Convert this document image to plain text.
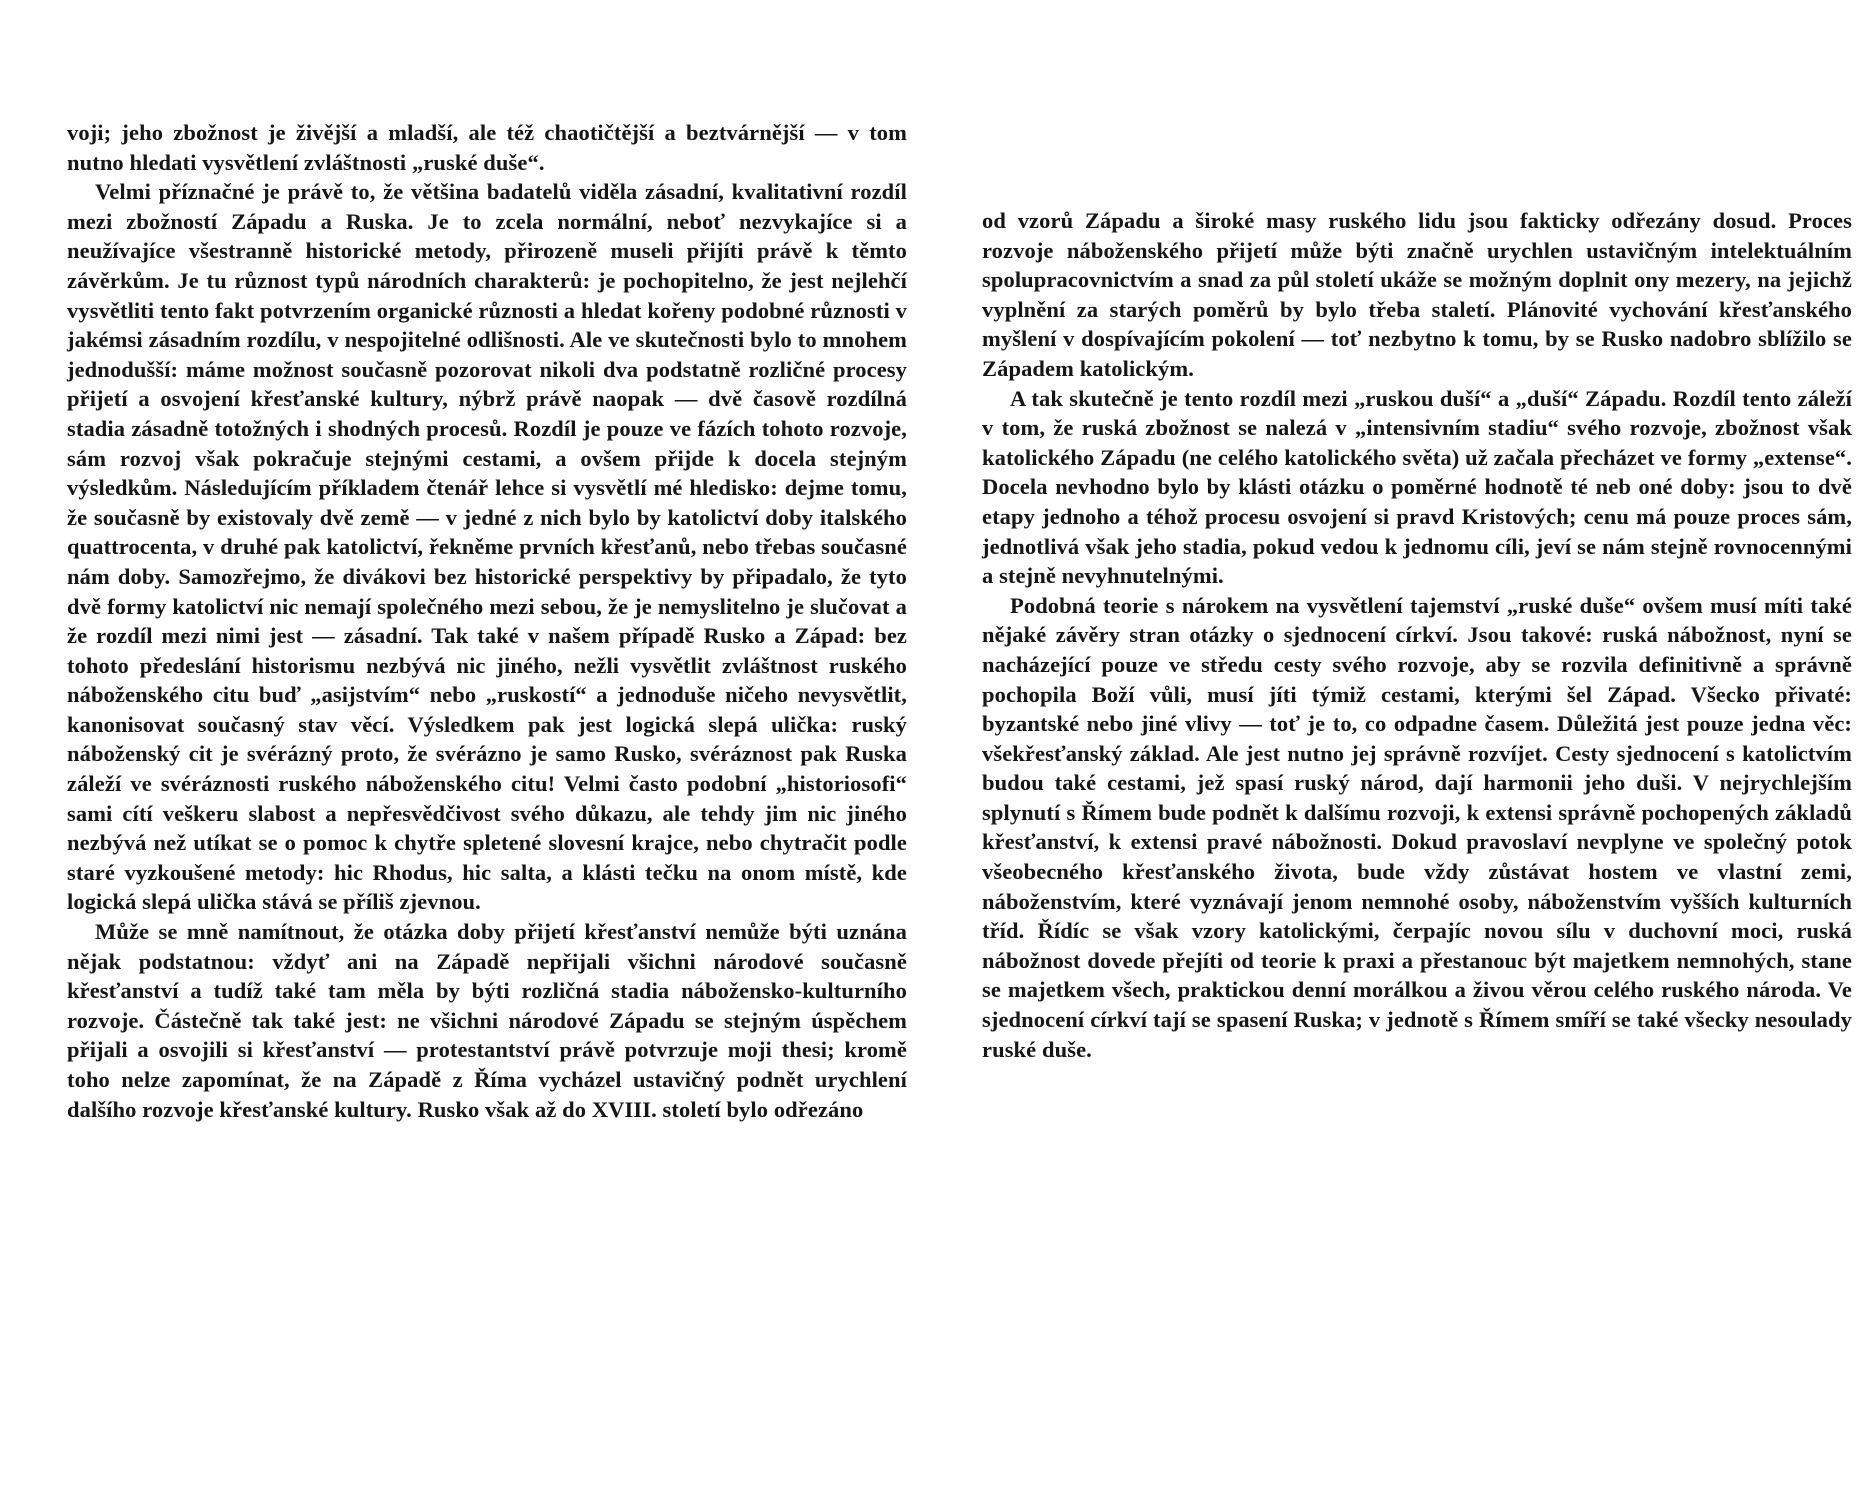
voji; jeho zbožnost je živější a mladší, ale též chaotičtější a beztvárnější — v tom nutno hledati vysvětlení zvláštnosti „ruské duše“.

Velmi příznačné je právě to, že většina badatelů viděla zásadní, kvalitativní rozdíl mezi zbožností Západu a Ruska. Je to zcela normální, neboť nezvykajíce si a neužívajíce všestranně historické metody, přirozeně museli přijíti právě k těmto závěrkům. Je tu různost typů národních charakterů: je pochopitelno, že jest nejlehčí vysvětliti tento fakt potvrzením organické různosti a hledat kořeny podobné různosti v jakémsi zásadním rozdílu, v nespojitelné odlišnosti. Ale ve skutečnosti bylo to mnohem jednodušší: máme možnost současně pozorovat nikoli dva podstatně rozličné procesy přijetí a osvojení křesťanské kultury, nýbrž právě naopak — dvě časově rozdílná stadia zásadně totožných i shodných procesů. Rozdíl je pouze ve fázích tohoto rozvoje, sám rozvoj však pokračuje stejnými cestami, a ovšem přijde k docela stejným výsledkům. Následujícím příkladem čtenář lehce si vysvětlí mé hledisko: dejme tomu, že současně by existovaly dvě země — v jedné z nich bylo by katolictví doby italského quattrocenta, v druhé pak katolictví, řekněme prvních křesťanů, nebo třebas současné nám doby. Samozřejmo, že divákovi bez historické perspektivy by připadalo, že tyto dvě formy katolictví nic nemají společného mezi sebou, že je nemyslitelno je slučovat a že rozdíl mezi nimi jest — zásadní. Tak také v našem případě Rusko a Západ: bez tohoto předeslání historismu nezbývá nic jiného, nežli vysvětlit zvláštnost ruského náboženského citu buď „asijstvím“ nebo „ruskostí“ a jednoduše ničeho nevysvětlit, kanonisovat současný stav věcí. Výsledkem pak jest logická slepá ulička: ruský náboženský cit je svérázný proto, že svérázno je samo Rusko, svéráznost pak Ruska záleží ve svéráznosti ruského náboženského citu! Velmi často podobní „historiosofi“ sami cítí veškeru slabost a nepřesvědčivost svého důkazu, ale tehdy jim nic jiného nezbývá než utíkat se o pomoc k chytře spletené slovesní krajce, nebo chytračit podle staré vyzkoušené metody: hic Rhodus, hic salta, a klásti tečku na onom místě, kde logická slepá ulička stává se příliš zjevnou.

Může se mně namítnout, že otázka doby přijetí křesťanství nemůže býti uznána nějak podstatnou: vždyť ani na Západě nepřijali všichni národové současně křesťanství a tudíž také tam měla by býti rozličná stadia nábožensko-kulturního rozvoje. Částečně tak také jest: ne všichni národové Západu se stejným úspěchem přijali a osvojili si křesťanství — protestantství právě potvrzuje moji thesi; kromě toho nelze zapomínat, že na Západě z Říma vycházel ustavičný podnět urychlení dalšího rozvoje křesťanské kultury. Rusko však až do XVIII. století bylo odřezáno

od vzorů Západu a široké masy ruského lidu jsou fakticky odřezány dosud. Proces rozvoje náboženského přijetí může býti značně urychlen ustavičným intelektuálním spolupracovnictvím a snad za půl století ukáže se možným doplnit ony mezery, na jejichž vyplnění za starých poměrů by bylo třeba staletí. Plánovité vychování křesťanského myšlení v dospívajícím pokolení — toť nezbytno k tomu, by se Rusko nadobro sblížilo se Západem katolickým.

A tak skutečně je tento rozdíl mezi „ruskou duší“ a „duší“ Západu. Rozdíl tento záleží v tom, že ruská zbožnost se nalezá v „intensivním stadiu“ svého rozvoje, zbožnost však katolického Západu (ne celého katolického světa) už začala přecházet ve formy „extense“. Docela nevhodno bylo by klásti otázku o poměrné hodnotě té neb oné doby: jsou to dvě etapy jednoho a téhož procesu osvojení si pravd Kristových; cenu má pouze proces sám, jednotlivá však jeho stadia, pokud vedou k jednomu cíli, jeví se nám stejně rovnocennými a stejně nevyhnutelnými.

Podobná teorie s nárokem na vysvětlení tajemství „ruské duše“ ovšem musí míti také nějaké závěry stran otázky o sjednocení církví. Jsou takové: ruská nábožnost, nyní se nacházející pouze ve středu cesty svého rozvoje, aby se rozvila definitivně a správně pochopila Boží vůli, musí jíti týmiž cestami, kterými šel Západ. Všecko přivaté: byzantské nebo jiné vlivy — toť je to, co odpadne časem. Důležitá jest pouze jedna věc: všekřesťanský základ. Ale jest nutno jej správně rozvíjet. Cesty sjednocení s katolictvím budou také cestami, jež spasí ruský národ, dají harmonii jeho duši. V nejrychlejším splynutí s Římem bude podnět k dalšímu rozvoji, k extensi správně pochopených základů křesťanství, k extensi pravé nábožnosti. Dokud pravoslaví nevplyne ve společný potok všeobecného křesťanského života, bude vždy zůstávat hostem ve vlastní zemi, náboženstvím, které vyznávají jenom nemnohé osoby, náboženstvím vyšších kulturních tříd. Řídíc se však vzory katolickými, čerpajíc novou sílu v duchovní moci, ruská nábožnost dovede přejíti od teorie k praxi a přestanouc být majetkem nemnohých, stane se majetkem všech, praktickou denní morálkou a živou věrou celého ruského národa. Ve sjednocení církví tají se spasení Ruska; v jednotě s Římem smíří se také všecky nesoulady ruské duše.
